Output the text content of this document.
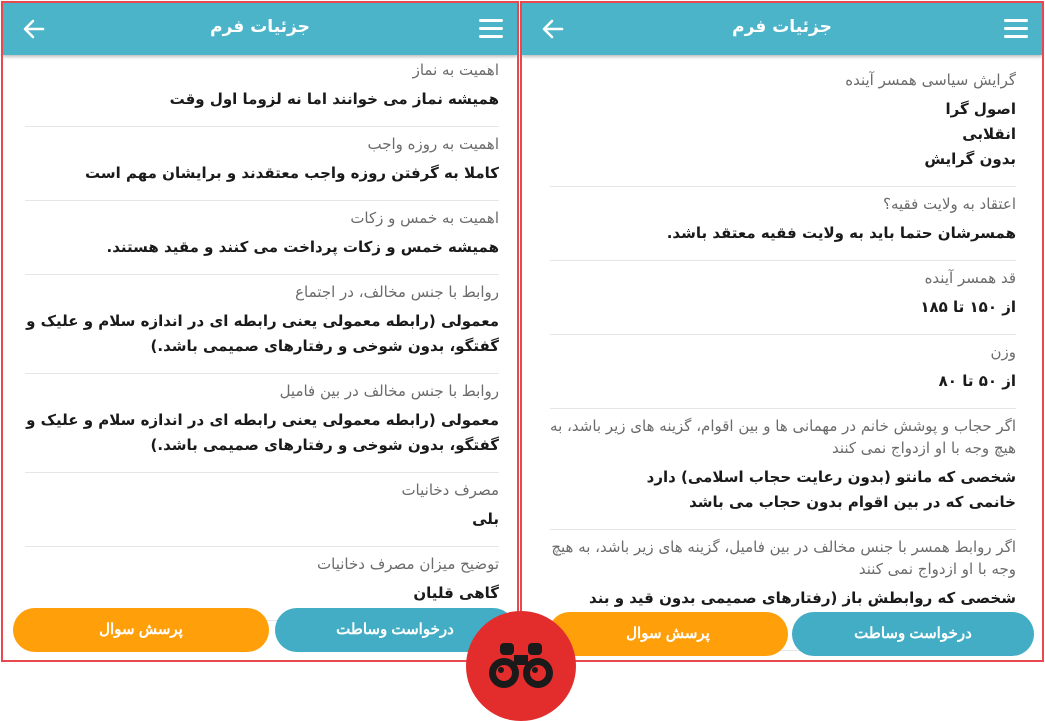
جزئیات فرم
اهمیت به نماز
همیشه نماز می خوانند اما نه لزوما اول وقت
اهمیت به روزه واجب
کاملا به گرفتن روزه واجب معتقدند و برایشان مهم است
اهمیت به خمس و زکات
همیشه خمس و زکات پرداخت می کنند و مقید هستند.
روابط با جنس مخالف، در اجتماع
معمولی (رابطه معمولی یعنی رابطه ای در اندازه سلام و علیک و گفتگو، بدون شوخی و رفتارهای صمیمی باشد.)
روابط با جنس مخالف در بین فامیل
معمولی (رابطه معمولی یعنی رابطه ای در اندازه سلام و علیک و گفتگو، بدون شوخی و رفتارهای صمیمی باشد.)
مصرف دخانیات
بلی
توضیح میزان مصرف دخانیات
گاهی قلیان
پرسش سوال	درخواست وساطت
جزئیات فرم
گرایش سیاسی همسر آینده
اصول گرا
انقلابی
بدون گرایش
اعتقاد به ولایت فقیه؟
همسرشان حتما باید به ولایت فقیه معتقد باشد.
قد همسر آینده
از ۱۵۰ تا ۱۸۵
وزن
از ۵۰ تا ۸۰
اگر حجاب و پوشش خانم در مهمانی ها و بین اقوام، گزینه های زیر باشد، به هیچ وجه با او ازدواج نمی کنند
شخصی که مانتو (بدون رعایت حجاب اسلامی) دارد
خانمی که در بین اقوام بدون حجاب می باشد
اگر روابط همسر با جنس مخالف در بین فامیل، گزینه های زیر باشد، به هیچ وجه با او ازدواج نمی کنند
شخصی که روابطش باز (رفتارهای صمیمی بدون قید و بند
پرسش سوال	درخواست وساطت
